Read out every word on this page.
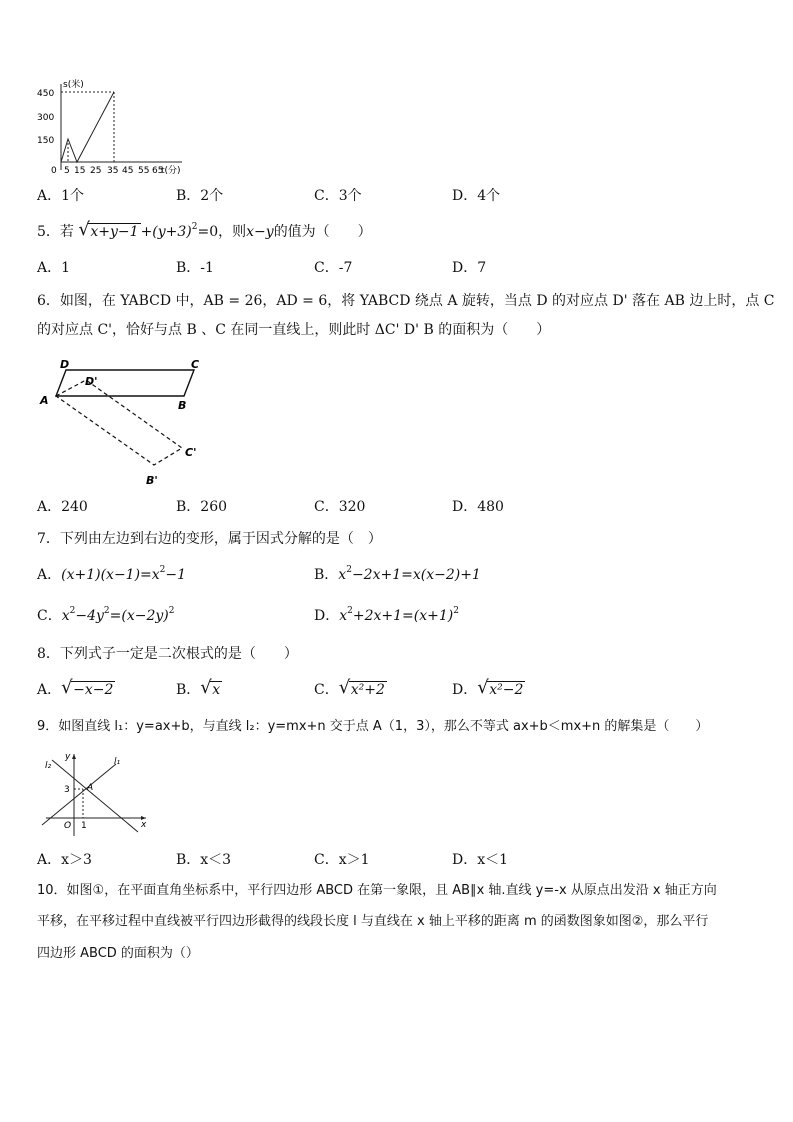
s(米)
t(分)
450
300
150
0 5 15 25 35 45 55 65
A．1个	B．2个	C．3个	D．4个
5．若 √ $x+y-1 +(y+3)^2=0$，则x−y的值为（　　）
A．1	B．-1	C．-7	D．7
6．如图，在 YABCD 中，AB = 26，AD = 6，将 YABCD 绕点 A 旋转，当点 D 的对应点 D' 落在 AB 边上时，点 C
的对应点 C'，恰好与点 B 、C 在同一直线上，则此时 ΔC' D' B 的面积为（　　）
D	C
A	B
D'
C'
B'
A．240	B．260	C．320	D．480
7．下列由左边到右边的变形，属于因式分解的是（　）
A．$(x+1)(x-1)=x^2-1$	B．$x^2-2x+1=x(x-2)+1$
C．$x^2-4y^2=(x-2y)^2$	D．$x^2+2x+1=(x+1)^2$
8．下列式子一定是二次根式的是（　　）
A． √ −x−2	B． √ x	C． √ x²+2	D． √ x²−2
9．如图直线 l₁：y=ax+b，与直线 l₂：y=mx+n 交于点 A（1，3），那么不等式 ax+b＜mx+n 的解集是（　　）
y
x
O
A
3
1
l₁
l₂
A．x＞3	B．x＜3	C．x＞1	D．x＜1
10．如图①，在平面直角坐标系中，平行四边形 ABCD 在第一象限，且 AB∥x 轴.直线 y=-x 从原点出发沿 x 轴正方向
平移，在平移过程中直线被平行四边形截得的线段长度 l 与直线在 x 轴上平移的距离 m 的函数图象如图②，那么平行
四边形 ABCD 的面积为（）
